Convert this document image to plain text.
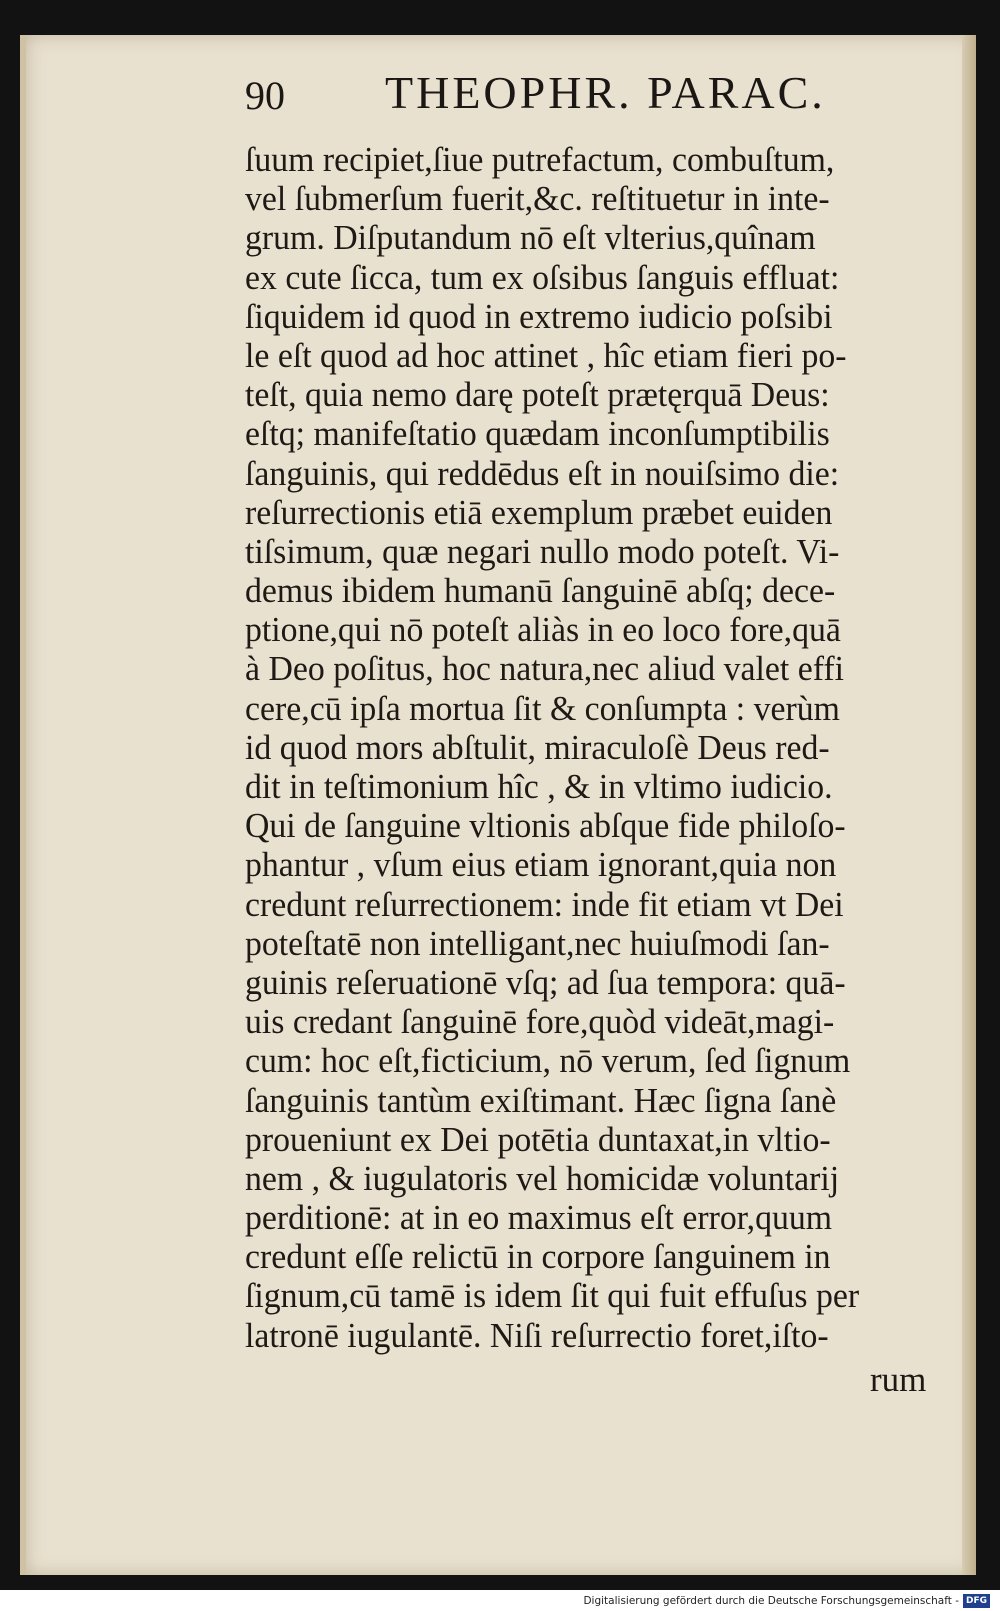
90 THEOPHR. PARAC.
ſuum recipiet,ſiue putrefactum, combuſtum,
vel ſubmerſum fuerit,&c. reſtituetur in inte-
grum. Diſputandum nō eſt vlterius,quînam
ex cute ſicca, tum ex oſsibus ſanguis effluat:
ſiquidem id quod in extremo iudicio poſsibi
le eſt quod ad hoc attinet , hîc etiam fieri po-
teſt, quia nemo darę poteſt prætęrquā Deus:
eſtq; manifeſtatio quædam inconſumptibilis
ſanguinis, qui reddēdus eſt in nouiſsimo die:
reſurrectionis etiā exemplum præbet euiden
tiſsimum, quæ negari nullo modo poteſt. Vi-
demus ibidem humanū ſanguinē abſq; dece-
ptione,qui nō poteſt aliàs in eo loco fore,quā
à Deo poſitus, hoc natura,nec aliud valet effi
cere,cū ipſa mortua ſit & conſumpta : verùm
id quod mors abſtulit, miraculoſè Deus red-
dit in teſtimonium hîc , & in vltimo iudicio.
Qui de ſanguine vltionis abſque fide philoſo-
phantur , vſum eius etiam ignorant,quia non
credunt reſurrectionem: inde fit etiam vt Dei
poteſtatē non intelligant,nec huiuſmodi ſan-
guinis reſeruationē vſq; ad ſua tempora: quā-
uis credant ſanguinē fore,quòd videāt,magi-
cum: hoc eſt,ficticium, nō verum, ſed ſignum
ſanguinis tantùm exiſtimant. Hæc ſigna ſanè
proueniunt ex Dei potētia duntaxat,in vltio-
nem , & iugulatoris vel homicidæ voluntarij
perditionē: at in eo maximus eſt error,quum
credunt eſſe relictū in corpore ſanguinem in
ſignum,cū tamē is idem ſit qui fuit effuſus per
latronē iugulantē. Niſi reſurrectio foret,iſto-
rum
Digitalisierung gefördert durch die Deutsche Forschungsgemeinschaft - DFG
